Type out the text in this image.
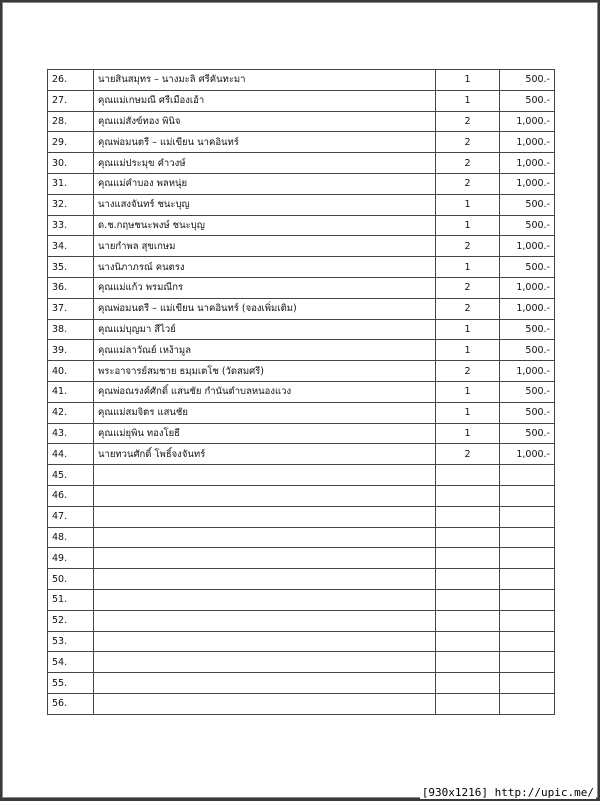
26.	นายสินสมุทร – นางมะลิ ศรีคันทะมา	1	500.-
27.	คุณแม่เกษมณี ศรีเมืองเอ้า	1	500.-
28.	คุณแม่สังข์ทอง พินิจ	2	1,000.-
29.	คุณพ่อมนตรี – แม่เขียน นาคอินทร์	2	1,000.-
30.	คุณแม่ประมุข คำวงษ์	2	1,000.-
31.	คุณแม่คำบอง พลหนุ่ย	2	1,000.-
32.	นางแสงจันทร์ ชนะบุญ	1	500.-
33.	ด.ช.กฤษชนะพงษ์ ชนะบุญ	1	500.-
34.	นายกำพล สุขเกษม	2	1,000.-
35.	นางนิภาภรณ์ คนตรง	1	500.-
36.	คุณแม่แก้ว พรมณีกร	2	1,000.-
37.	คุณพ่อมนตรี – แม่เขียน นาคอินทร์ (จองเพิ่มเติม)	2	1,000.-
38.	คุณแม่บุญมา สีไวย์	1	500.-
39.	คุณแม่ลาวัณย์ เหง้ามูล	1	500.-
40.	พระอาจารย์สมชาย ธมฺมเตโช (วัดสมศรี)	2	1,000.-
41.	คุณพ่อณรงค์ศักดิ์ แสนชัย กำนันตำบลหนองแวง	1	500.-
42.	คุณแม่สมจิตร แสนชัย	1	500.-
43.	คุณแม่ยุพิน ทองโยธี	1	500.-
44.	นายทวนศักดิ์ โพธิ์จงจันทร์	2	1,000.-
45.			
46.			
47.			
48.			
49.			
50.			
51.			
52.			
53.			
54.			
55.			
56.			
[930x1216] http://upic.me/
